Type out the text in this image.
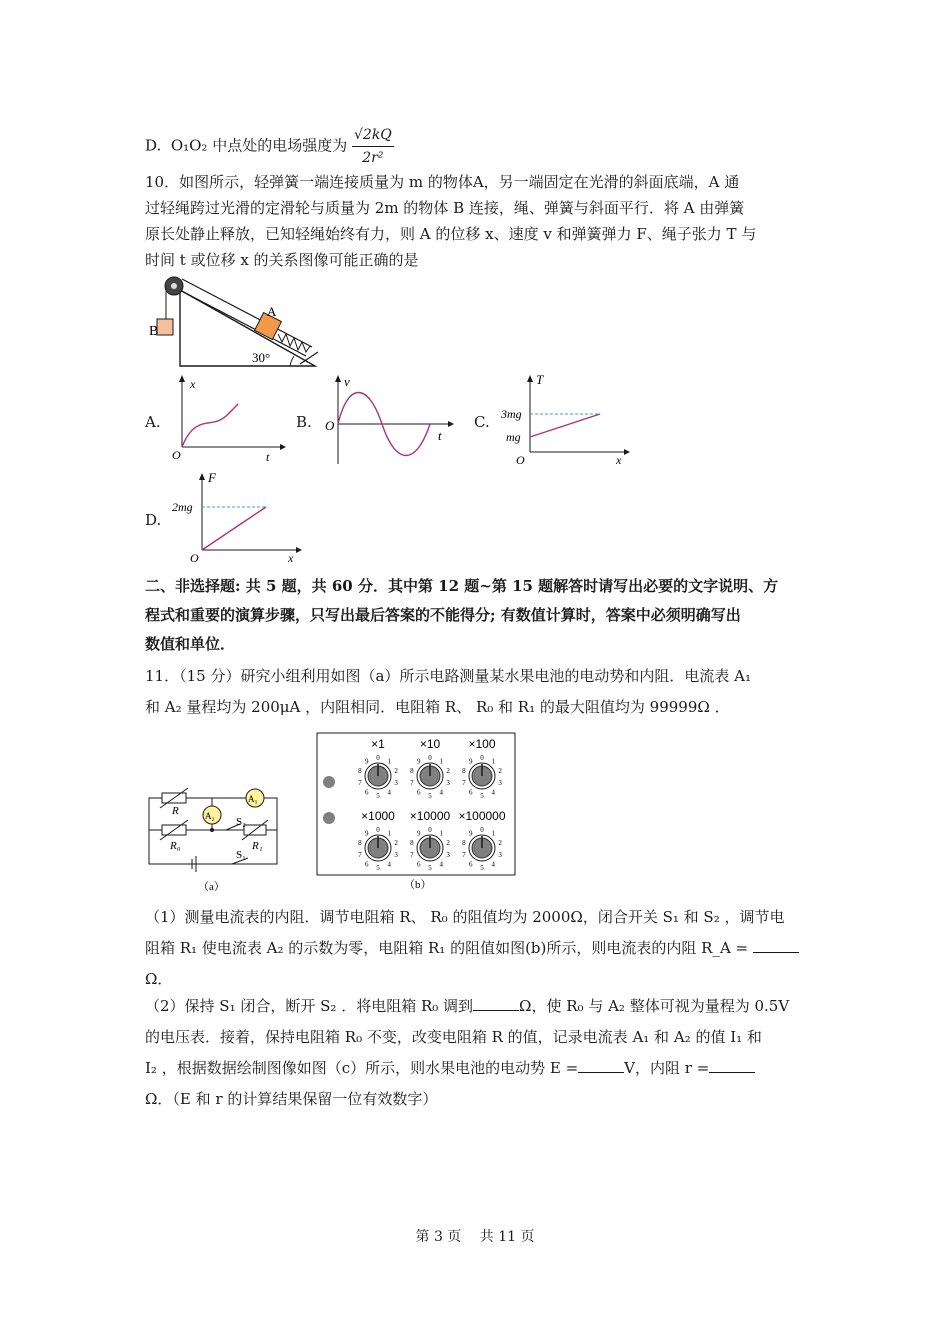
D. O₁O₂ 中点处的电场强度为 $\frac{√2kQ}{\text{2r²}}$
10．如图所示，轻弹簧一端连接质量为 m 的物体A，另一端固定在光滑的斜面底端，A 通
过轻绳跨过光滑的定滑轮与质量为 2m 的物体 B 连接，绳、弹簧与斜面平行．将 A 由弹簧
原长处静止释放，已知轻绳始终有力，则 A 的位移 x、速度 v 和弹簧弹力 F、绳子张力 T 与
时间 t 或位移 x 的关系图像可能正确的是
B
A
30°
A.
x
t
O
B.
v
t
O	C.
T
x
O
3mg
mg
D.
F
x
O
2mg
二、非选择题: 共 5 题，共 60 分．其中第 12 题~第 15 题解答时请写出必要的文字说明、方
程式和重要的演算步骤，只写出最后答案的不能得分; 有数值计算时，答案中必须明确写出
数值和单位．
11．（15 分）研究小组利用如图（a）所示电路测量某水果电池的电动势和内阻．电流表 A₁
和 A₂ 量程均为 200μA ，内阻相同．电阻箱 R、 R₀ 和 R₁ 的最大阻值均为 99999Ω ．
R
R₀	R₁
A₁
A₂ S₂
S₁
（a）
×1
0 1
2
3
4
5
6
7
8
9
×10
0 1
2
3
4
5
6
7
8
9
×100
0 1
2
3
4
5
6
7
8
9
×1000
0 1
2
3
4
5
6
7
8
9
×10000
0 1
2
3
4
5
6
7
8
9
×100000
0 1
2
3
4
5
6
7
8
9
（b）
（1）测量电流表的内阻．调节电阻箱 R、 R₀ 的阻值均为 2000Ω，闭合开关 S₁ 和 S₂ ，调节电
阻箱 R₁ 使电流表 A₂ 的示数为零，电阻箱 R₁ 的阻值如图(b)所示，则电流表的内阻 R_A =
Ω．
（2）保持 S₁ 闭合，断开 S₂ ．将电阻箱 R₀ 调到	Ω，使 R₀ 与 A₂ 整体可视为量程为 0.5V
的电压表．接着，保持电阻箱 R₀ 不变，改变电阻箱 R 的值，记录电流表 A₁ 和 A₂ 的值 I₁ 和
I₂ ，根据数据绘制图像如图（c）所示，则水果电池的电动势 E =	V，内阻 r =
Ω．（E 和 r 的计算结果保留一位有效数字）
第 3 页　 共 11 页
